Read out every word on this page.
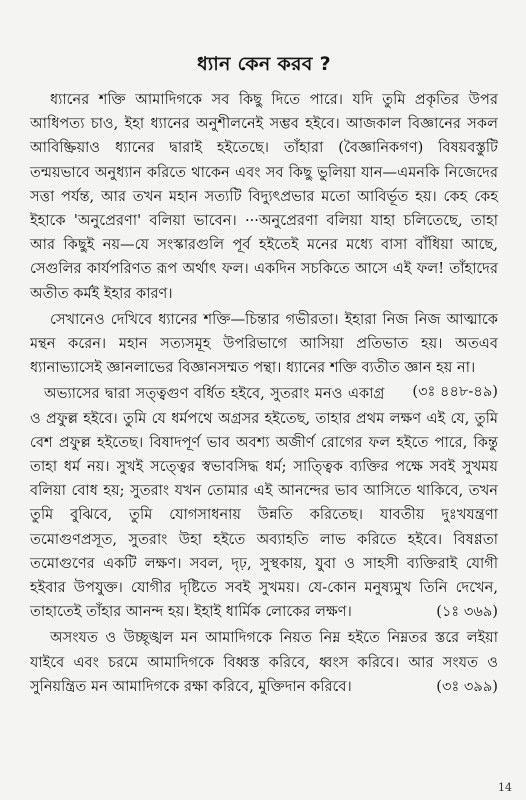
ধ্যান কেন করব ?

ধ্যানের শক্তি আমাদিগকে সব কিছু দিতে পারে। যদি তুমি প্রকৃতির উপর আধিপত্য চাও, ইহা ধ্যানের অনুশীলনেই সম্ভব হইবে। আজকাল বিজ্ঞানের সকল আবিষ্ক্রিয়াও ধ্যানের দ্বারাই হইতেছে। তাঁহারা (বৈজ্ঞানিকগণ) বিষয়বস্তুটি তন্ময়ভাবে অনুধ্যান করিতে থাকেন এবং সব কিছু ভুলিয়া যান—এমনকি নিজেদের সত্তা পর্যন্ত, আর তখন মহান সত্যটি বিদ্যুৎপ্রভার মতো আবির্ভূত হয়। কেহ কেহ ইহাকে 'অনুপ্রেরণা' বলিয়া ভাবেন। ···অনুপ্রেরণা বলিয়া যাহা চলিতেছে, তাহা আর কিছুই নয়—যে সংস্কারগুলি পূর্ব হইতেই মনের মধ্যে বাসা বাঁধিয়া আছে, সেগুলির কার্যপরিণত রূপ অর্থাৎ ফল। একদিন সচকিতে আসে এই ফল! তাঁহাদের অতীত কর্মই ইহার কারণ।

সেখানেও দেখিবে ধ্যানের শক্তি—চিন্তার গভীরতা। ইহারা নিজ নিজ আত্মাকে মন্থন করেন। মহান সত্যসমূহ উপরিভাগে আসিয়া প্রতিভাত হয়। অতএব ধ্যানাভ্যাসেই জ্ঞানলাভের বিজ্ঞানসম্মত পন্থা। ধ্যানের শক্তি ব্যতীত জ্ঞান হয় না।
(৩ঃ ৪৪৮-৪৯)

অভ্যাসের দ্বারা সত্ত্বগুণ বর্ধিত হইবে, সুতরাং মনও একাগ্র ও প্রফুল্ল হইবে। তুমি যে ধর্মপথে অগ্রসর হইতেছ, তাহার প্রথম লক্ষণ এই যে, তুমি বেশ প্রফুল্ল হইতেছ। বিষাদপূর্ণ ভাব অবশ্য অজীর্ণ রোগের ফল হইতে পারে, কিন্তু তাহা ধর্ম নয়। সুখই সত্ত্বের স্বভাবসিদ্ধ ধর্ম; সাত্ত্বিক ব্যক্তির পক্ষে সবই সুখময় বলিয়া বোধ হয়; সুতরাং যখন তোমার এই আনন্দের ভাব আসিতে থাকিবে, তখন তুমি বুঝিবে, তুমি যোগসাধনায় উন্নতি করিতেছ। যাবতীয় দুঃখযন্ত্রণা তমোগুণপ্রসূত, সুতরাং উহা হইতে অব্যাহতি লাভ করিতে হইবে। বিষণ্ণতা তমোগুণের একটি লক্ষণ। সবল, দৃঢ়, সুস্থকায়, যুবা ও সাহসী ব্যক্তিরাই যোগী হইবার উপযুক্ত। যোগীর দৃষ্টিতে সবই সুখময়। যে-কোন মনুষ্যমুখ তিনি দেখেন, তাহাতেই তাঁহার আনন্দ হয়। ইহাই ধার্মিক লোকের লক্ষণ।	(১ঃ ৩৬৯)

অসংযত ও উচ্ছৃঙ্খল মন আমাদিগকে নিয়ত নিম্ন হইতে নিম্নতর স্তরে লইয়া যাইবে এবং চরমে আমাদিগকে বিধ্বস্ত করিবে, ধ্বংস করিবে। আর সংযত ও সুনিয়ন্ত্রিত মন আমাদিগকে রক্ষা করিবে, মুক্তিদান করিবে।	(৩ঃ ৩৯৯)

14
